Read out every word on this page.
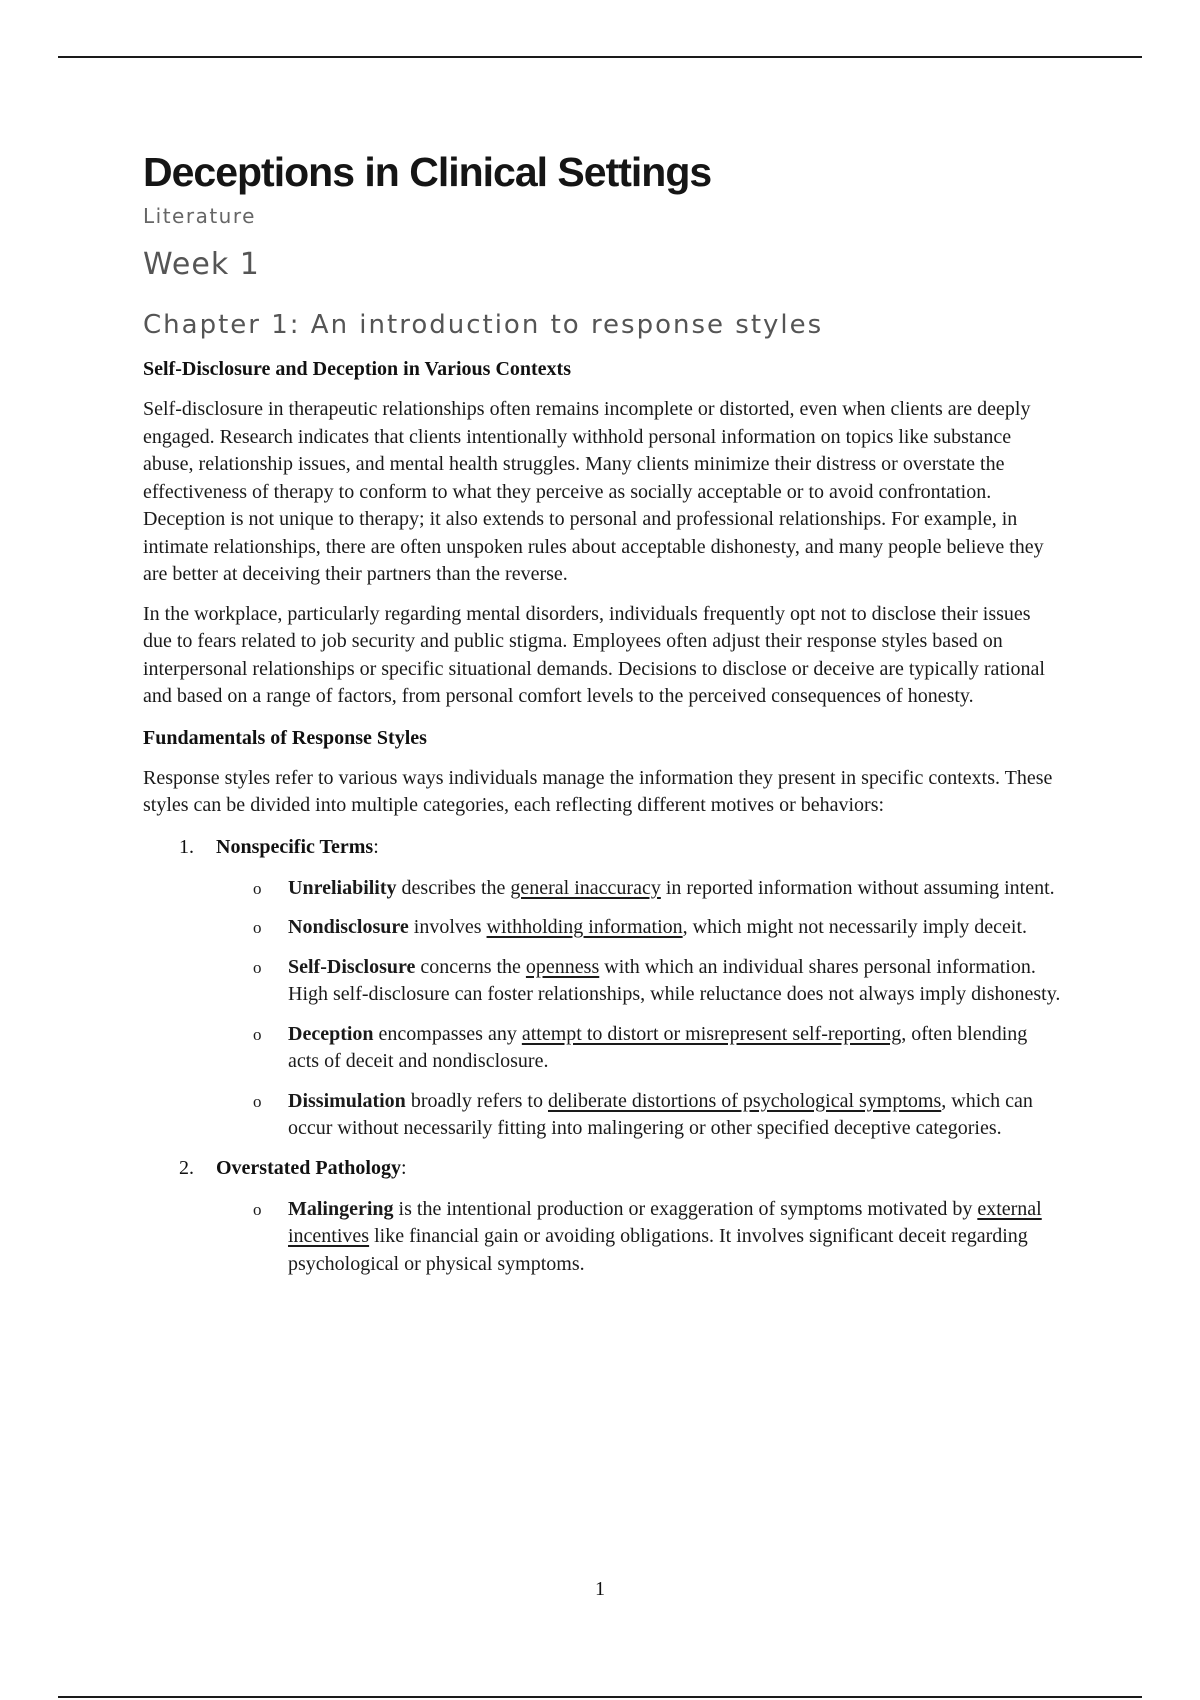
Deceptions in Clinical Settings
Literature
Week 1
Chapter 1: An introduction to response styles
Self-Disclosure and Deception in Various Contexts
Self-disclosure in therapeutic relationships often remains incomplete or distorted, even when clients are deeply engaged. Research indicates that clients intentionally withhold personal information on topics like substance abuse, relationship issues, and mental health struggles. Many clients minimize their distress or overstate the effectiveness of therapy to conform to what they perceive as socially acceptable or to avoid confrontation. Deception is not unique to therapy; it also extends to personal and professional relationships. For example, in intimate relationships, there are often unspoken rules about acceptable dishonesty, and many people believe they are better at deceiving their partners than the reverse.
In the workplace, particularly regarding mental disorders, individuals frequently opt not to disclose their issues due to fears related to job security and public stigma. Employees often adjust their response styles based on interpersonal relationships or specific situational demands. Decisions to disclose or deceive are typically rational and based on a range of factors, from personal comfort levels to the perceived consequences of honesty.
Fundamentals of Response Styles
Response styles refer to various ways individuals manage the information they present in specific contexts. These styles can be divided into multiple categories, each reflecting different motives or behaviors:
1. Nonspecific Terms:
o Unreliability describes the general inaccuracy in reported information without assuming intent.
o Nondisclosure involves withholding information, which might not necessarily imply deceit.
o Self-Disclosure concerns the openness with which an individual shares personal information. High self-disclosure can foster relationships, while reluctance does not always imply dishonesty.
o Deception encompasses any attempt to distort or misrepresent self-reporting, often blending acts of deceit and nondisclosure.
o Dissimulation broadly refers to deliberate distortions of psychological symptoms, which can occur without necessarily fitting into malingering or other specified deceptive categories.
2. Overstated Pathology:
o Malingering is the intentional production or exaggeration of symptoms motivated by external incentives like financial gain or avoiding obligations. It involves significant deceit regarding psychological or physical symptoms.
1
